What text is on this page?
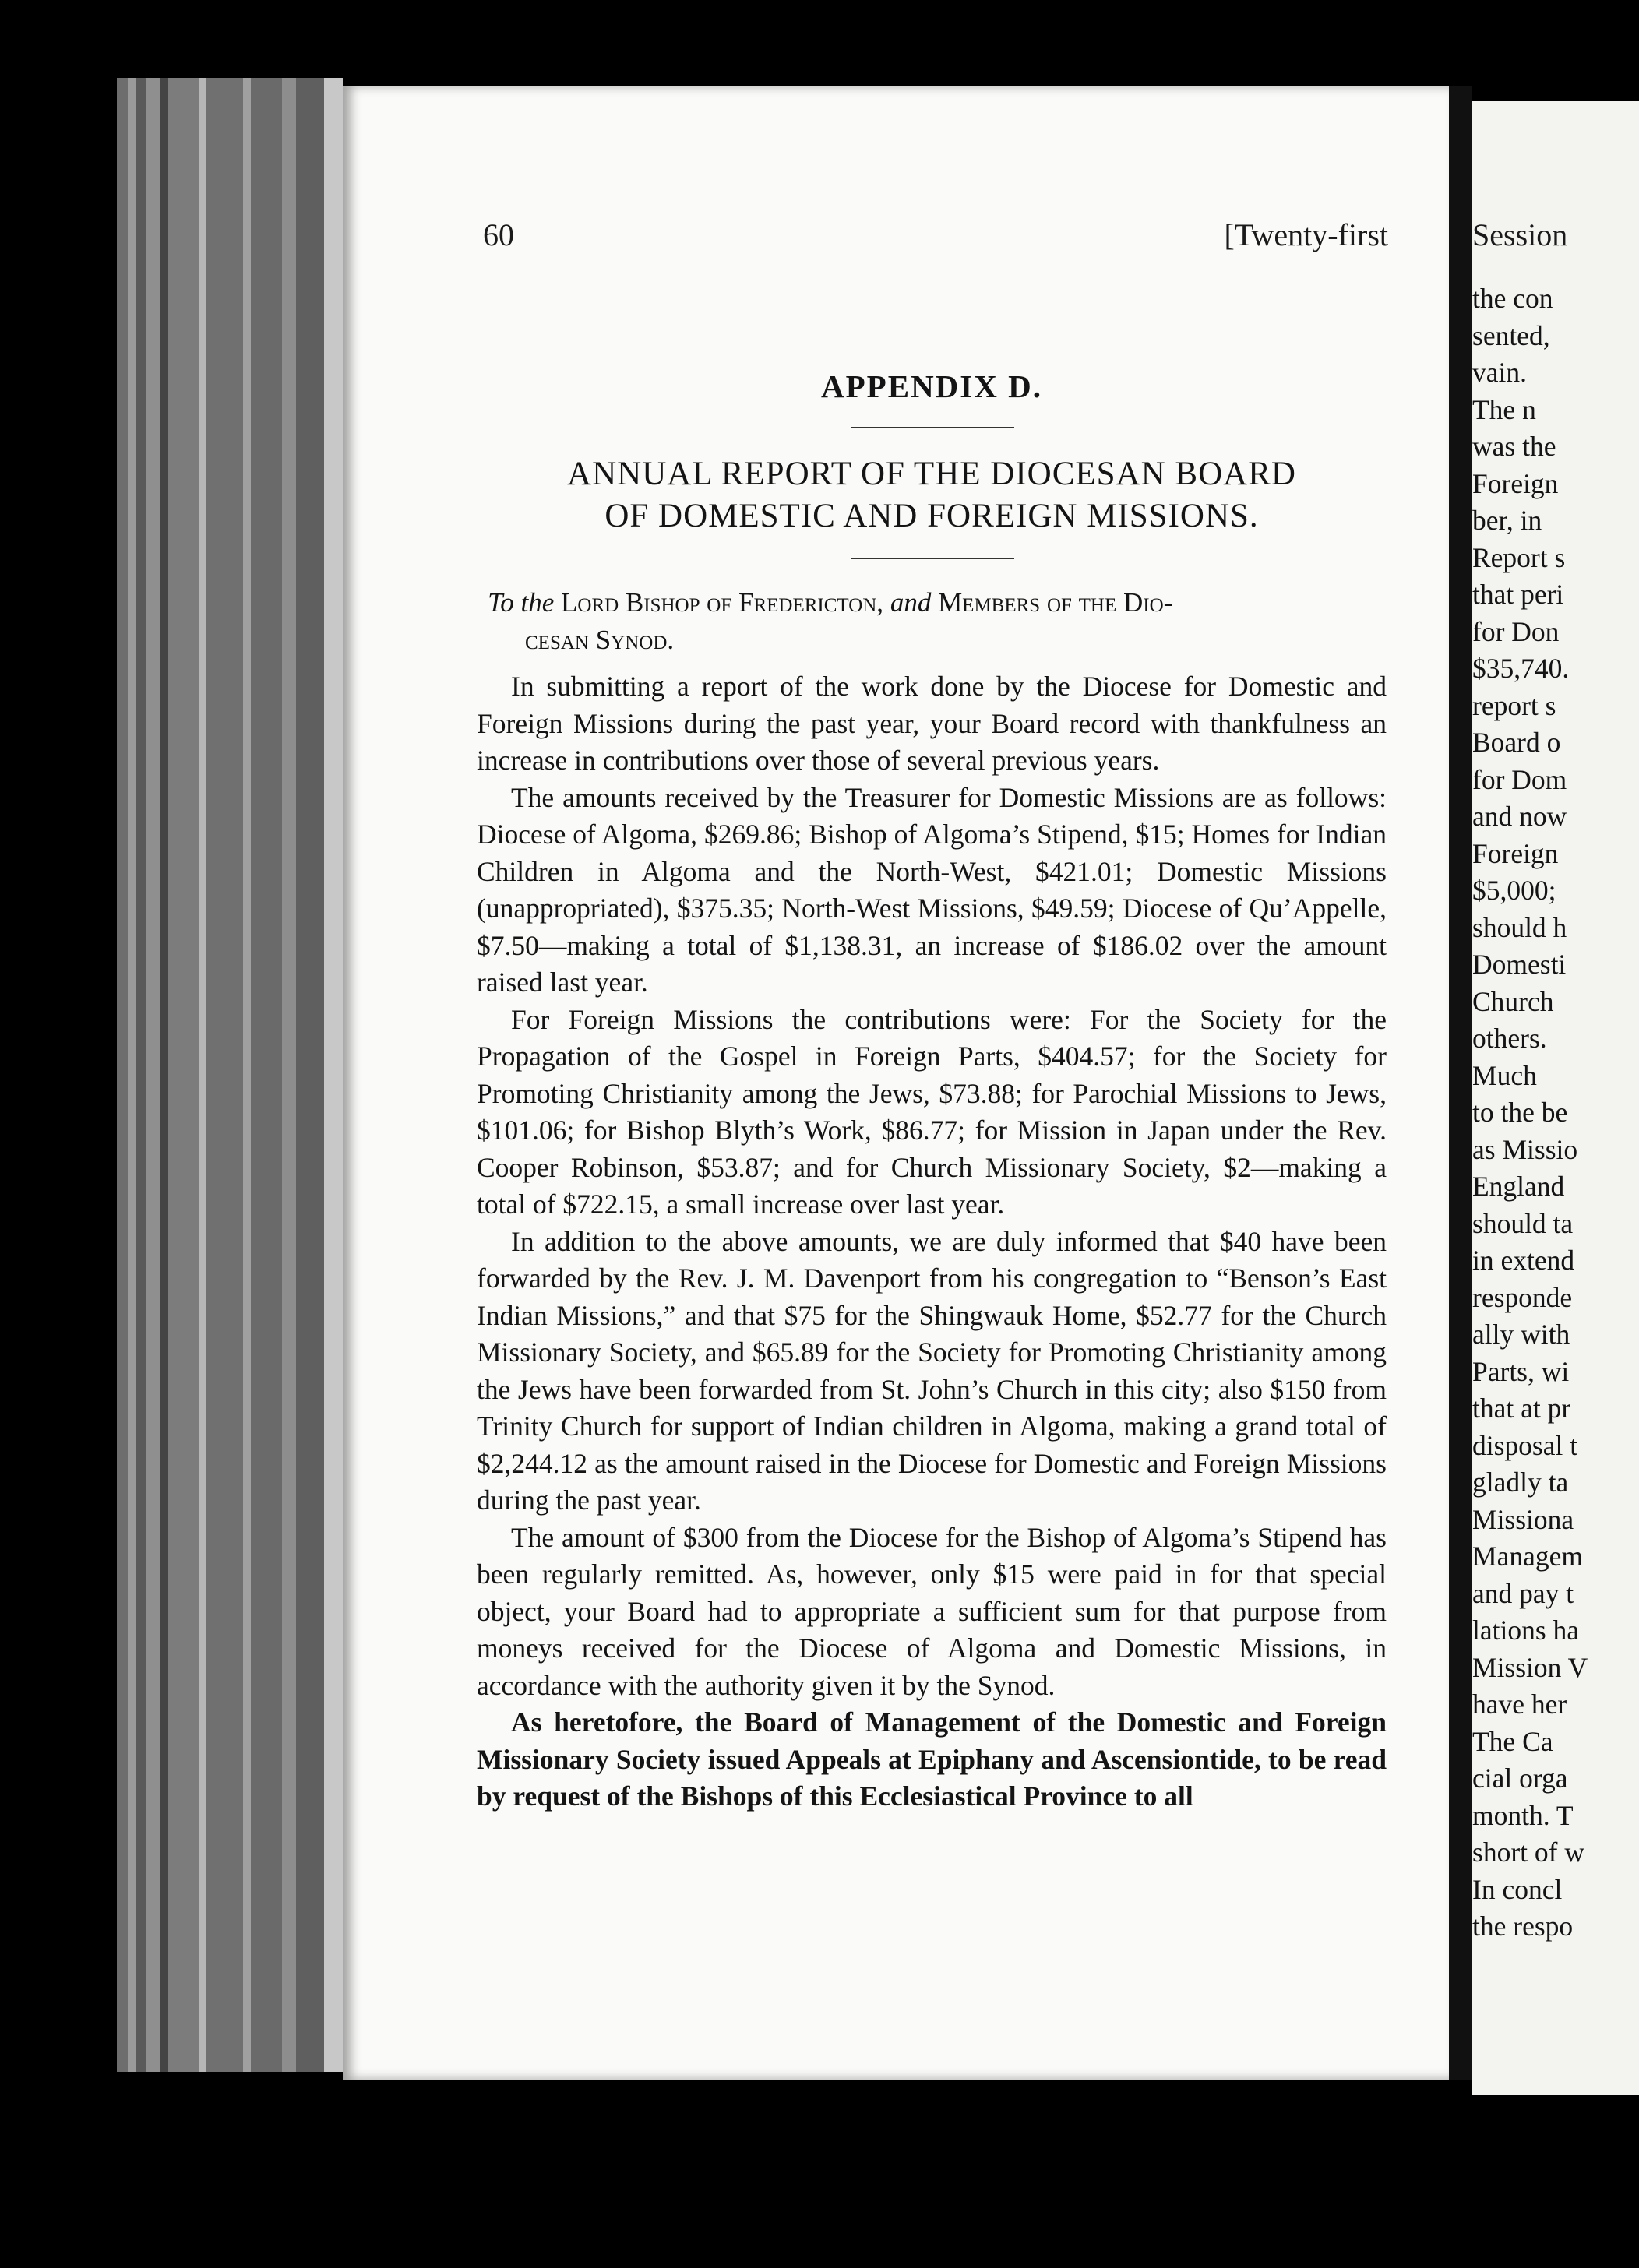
60	[Twenty-first
APPENDIX D.
ANNUAL REPORT OF THE DIOCESAN BOARD
OF DOMESTIC AND FOREIGN MISSIONS.
To the Lord Bishop of Fredericton, and Members of the Dio-
cesan Synod.

In submitting a report of the work done by the Diocese for Domestic and Foreign Missions during the past year, your Board record with thankfulness an increase in contributions over those of several previous years.

The amounts received by the Treasurer for Domestic Missions are as follows: Diocese of Algoma, $269.86; Bishop of Algoma’s Stipend, $15; Homes for Indian Children in Algoma and the North-West, $421.01; Domestic Missions (unappropriated), $375.35; North-West Missions, $49.59; Diocese of Qu’Appelle, $7.50—making a total of $1,138.31, an increase of $186.02 over the amount raised last year.

For Foreign Missions the contributions were: For the Society for the Propagation of the Gospel in Foreign Parts, $404.57; for the Society for Promoting Christianity among the Jews, $73.88; for Parochial Missions to Jews, $101.06; for Bishop Blyth’s Work, $86.77; for Mission in Japan under the Rev. Cooper Robinson, $53.87; and for Church Missionary Society, $2—making a total of $722.15, a small increase over last year.

In addition to the above amounts, we are duly informed that $40 have been forwarded by the Rev. J. M. Davenport from his congregation to “Benson’s East Indian Missions,” and that $75 for the Shingwauk Home, $52.77 for the Church Missionary Society, and $65.89 for the Society for Promoting Christianity among the Jews have been forwarded from St. John’s Church in this city; also $150 from Trinity Church for support of Indian children in Algoma, making a grand total of $2,244.12 as the amount raised in the Diocese for Domestic and Foreign Missions during the past year.

The amount of $300 from the Diocese for the Bishop of Algoma’s Stipend has been regularly remitted. As, however, only $15 were paid in for that special object, your Board had to appropriate a sufficient sum for that purpose from moneys received for the Diocese of Algoma and Domestic Missions, in accordance with the authority given it by the Synod.

As heretofore, the Board of Management of the Domestic and Foreign Missionary Society issued Appeals at Epiphany and Ascensiontide, to be read by request of the Bishops of this Ecclesiastical Province to all

Session
the con
sented,
vain.
The n
was the
Foreign
ber, in
Report s
that peri
for Don
$35,740.
report s
Board o
for Dom
and now
Foreign
$5,000;
should h
Domesti
Church
others.
Much
to the be
as Missio
England
should ta
in extend
responde
ally with
Parts, wi
that at pr
disposal t
gladly ta
Missiona
Managem
and pay t
lations ha
Mission V
have her
The Ca
cial orga
month. T
short of w
In concl
the respo
